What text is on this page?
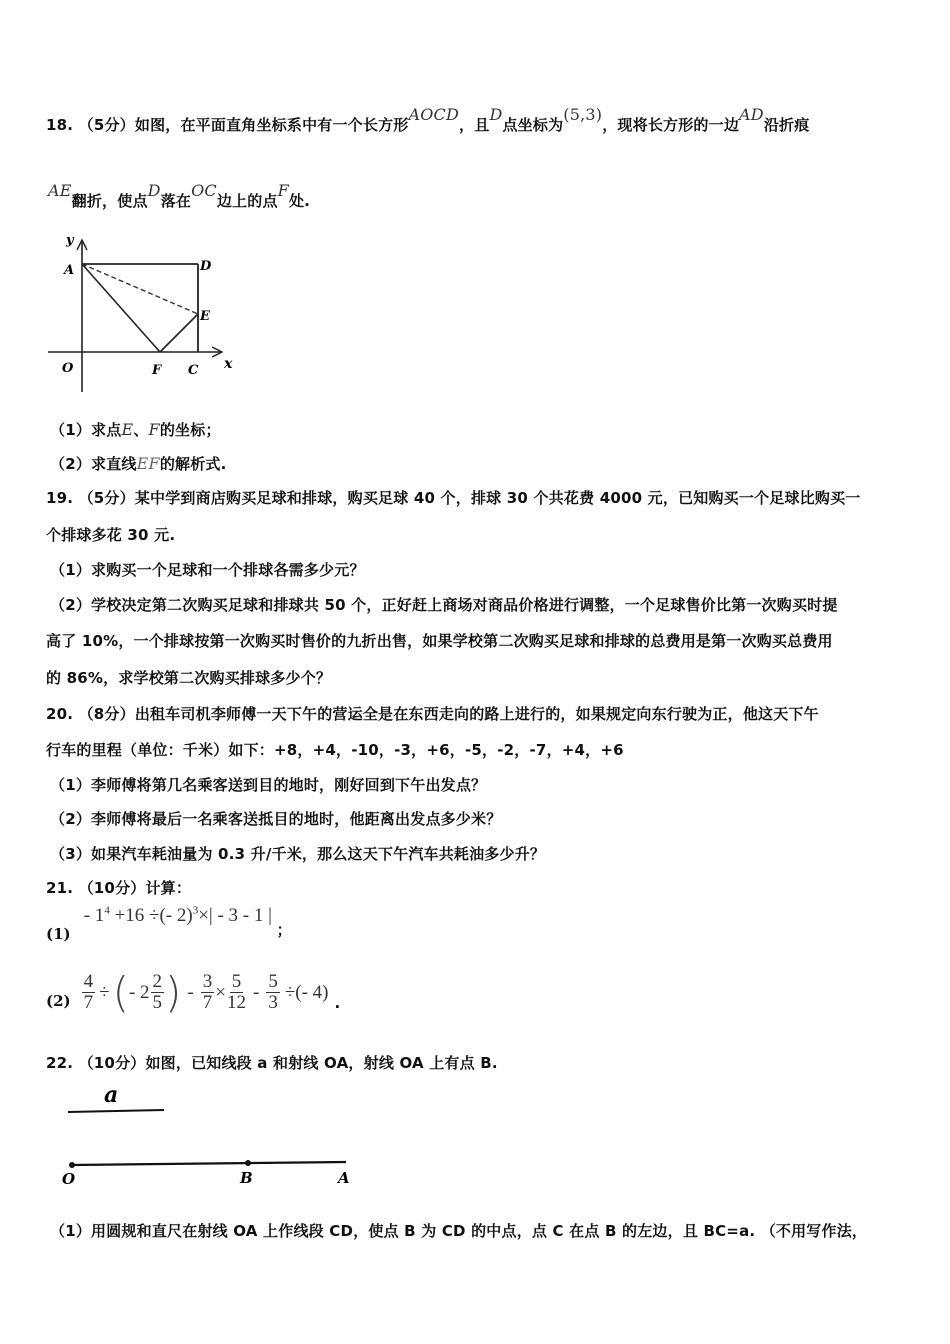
18. （5分）如图，在平面直角坐标系中有一个长方形AOCD，且D点坐标为(5,3)，现将长方形的一边AD沿折痕
AE翻折，使点D落在OC边上的点F处.
y
A	D
E
O	F C x
（1）求点E、F的坐标；
（2）求直线EF的解析式.
19. （5分）某中学到商店购买足球和排球，购买足球 40 个，排球 30 个共花费 4000 元，已知购买一个足球比购买一
个排球多花 30 元.
（1）求购买一个足球和一个排球各需多少元？
（2）学校决定第二次购买足球和排球共 50 个，正好赶上商场对商品价格进行调整，一个足球售价比第一次购买时提
高了 10%，一个排球按第一次购买时售价的九折出售，如果学校第二次购买足球和排球的总费用是第一次购买总费用
的 86%，求学校第二次购买排球多少个？
20. （8分）出租车司机李师傅一天下午的营运全是在东西走向的路上进行的，如果规定向东行驶为正，他这天下午
行车的里程（单位：千米）如下：+8，+4，-10，-3，+6，-5，-2，-7，+4，+6
（1）李师傅将第几名乘客送到目的地时，刚好回到下午出发点？
（2）李师傅将最后一名乘客送抵目的地时，他距离出发点多少米？
（3）如果汽车耗油量为 0.3 升/千米，那么这天下午汽车共耗油多少升？
21. （10分）计算：
$(1) - 1^4 +16$ ÷(- 2)$^3$×| - 3 - 1 | ；
$(2) \frac{4}{7}$ ÷ ( - $2 \frac{2}{5}$ ) - $\frac{3}{7} \times \frac{5}{12} - \frac{5}{3}$ ÷(- 4) .
22. （10分）如图，已知线段 a 和射线 OA，射线 OA 上有点 B.
a
O	B	A
（1）用圆规和直尺在射线 OA 上作线段 CD，使点 B 为 CD 的中点，点 C 在点 B 的左边，且 BC=a. （不用写作法，
